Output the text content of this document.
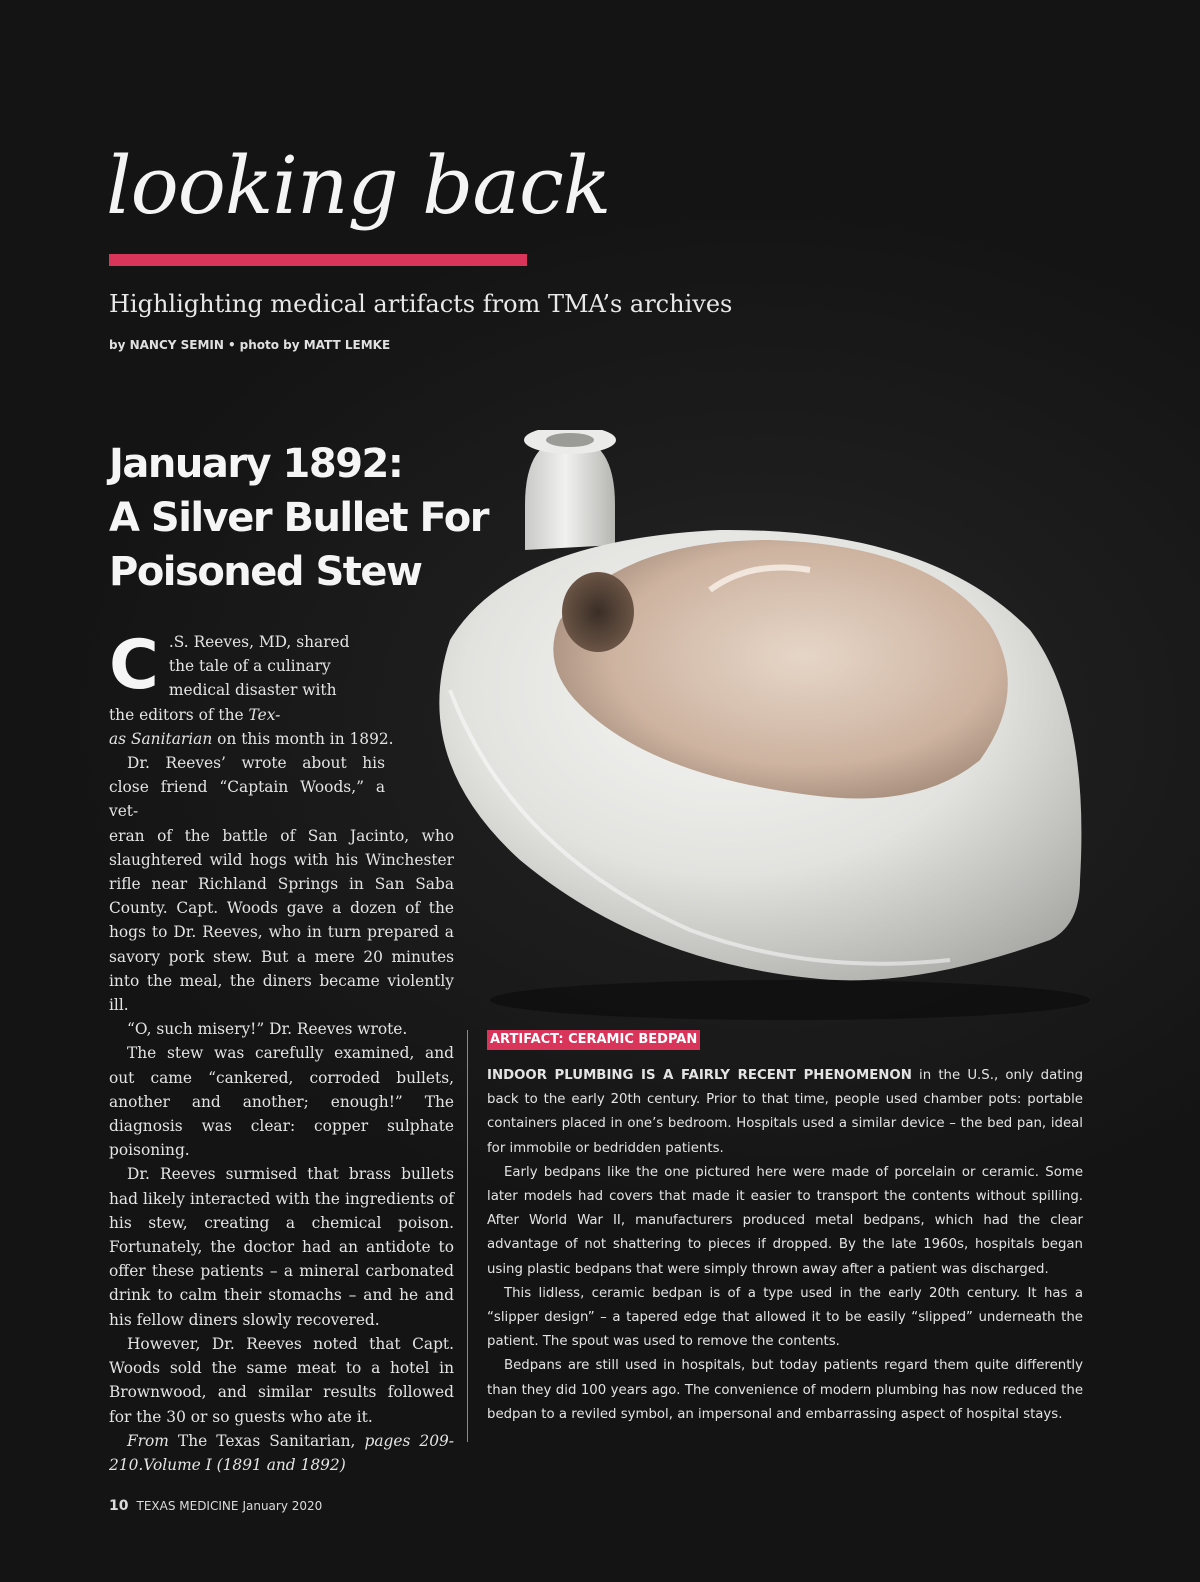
looking back
Highlighting medical artifacts from TMA’s archives
by NANCY SEMIN • photo by MATT LEMKE
January 1892:
A Silver Bullet For
Poisoned Stew

C .S. Reeves, MD, shared
the tale of a culinary
medical disaster with
the editors of the Tex-
as Sanitarian on this month in 1892.

Dr. Reeves’ wrote about his close friend “Captain Woods,” a vet-

eran of the battle of San Jacinto, who slaughtered wild hogs with his Winchester rifle near Richland Springs in San Saba County. Capt. Woods gave a dozen of the hogs to Dr. Reeves, who in turn prepared a savory pork stew. But a mere 20 minutes into the meal, the diners became violently ill.

“O, such misery!” Dr. Reeves wrote.

The stew was carefully examined, and out came “cankered, corroded bullets, another and another; enough!” The diagnosis was clear: copper sulphate poisoning.

Dr. Reeves surmised that brass bullets had likely interacted with the ingredients of his stew, creating a chemical poison. Fortunately, the doctor had an antidote to offer these patients – a mineral carbonated drink to calm their stomachs – and he and his fellow diners slowly recovered.

However, Dr. Reeves noted that Capt. Woods sold the same meat to a hotel in Brownwood, and similar results followed for the 30 or so guests who ate it.

From The Texas Sanitarian, pages 209-210.Volume I (1891 and 1892)

ARTIFACT: CERAMIC BEDPAN

INDOOR PLUMBING IS A FAIRLY RECENT PHENOMENON in the U.S., only dating back to the early 20th century. Prior to that time, people used chamber pots: portable containers placed in one’s bedroom. Hospitals used a similar device – the bed pan, ideal for immobile or bedridden patients.

Early bedpans like the one pictured here were made of porcelain or ceramic. Some later models had covers that made it easier to transport the contents without spilling. After World War II, manufacturers produced metal bedpans, which had the clear advantage of not shattering to pieces if dropped. By the late 1960s, hospitals began using plastic bedpans that were simply thrown away after a patient was discharged.

This lidless, ceramic bedpan is of a type used in the early 20th century. It has a “slipper design” – a tapered edge that allowed it to be easily “slipped” underneath the patient. The spout was used to remove the contents.

Bedpans are still used in hospitals, but today patients regard them quite differently than they did 100 years ago. The convenience of modern plumbing has now reduced the bedpan to a reviled symbol, an impersonal and embarrassing aspect of hospital stays.

10 TEXAS MEDICINE January 2020
